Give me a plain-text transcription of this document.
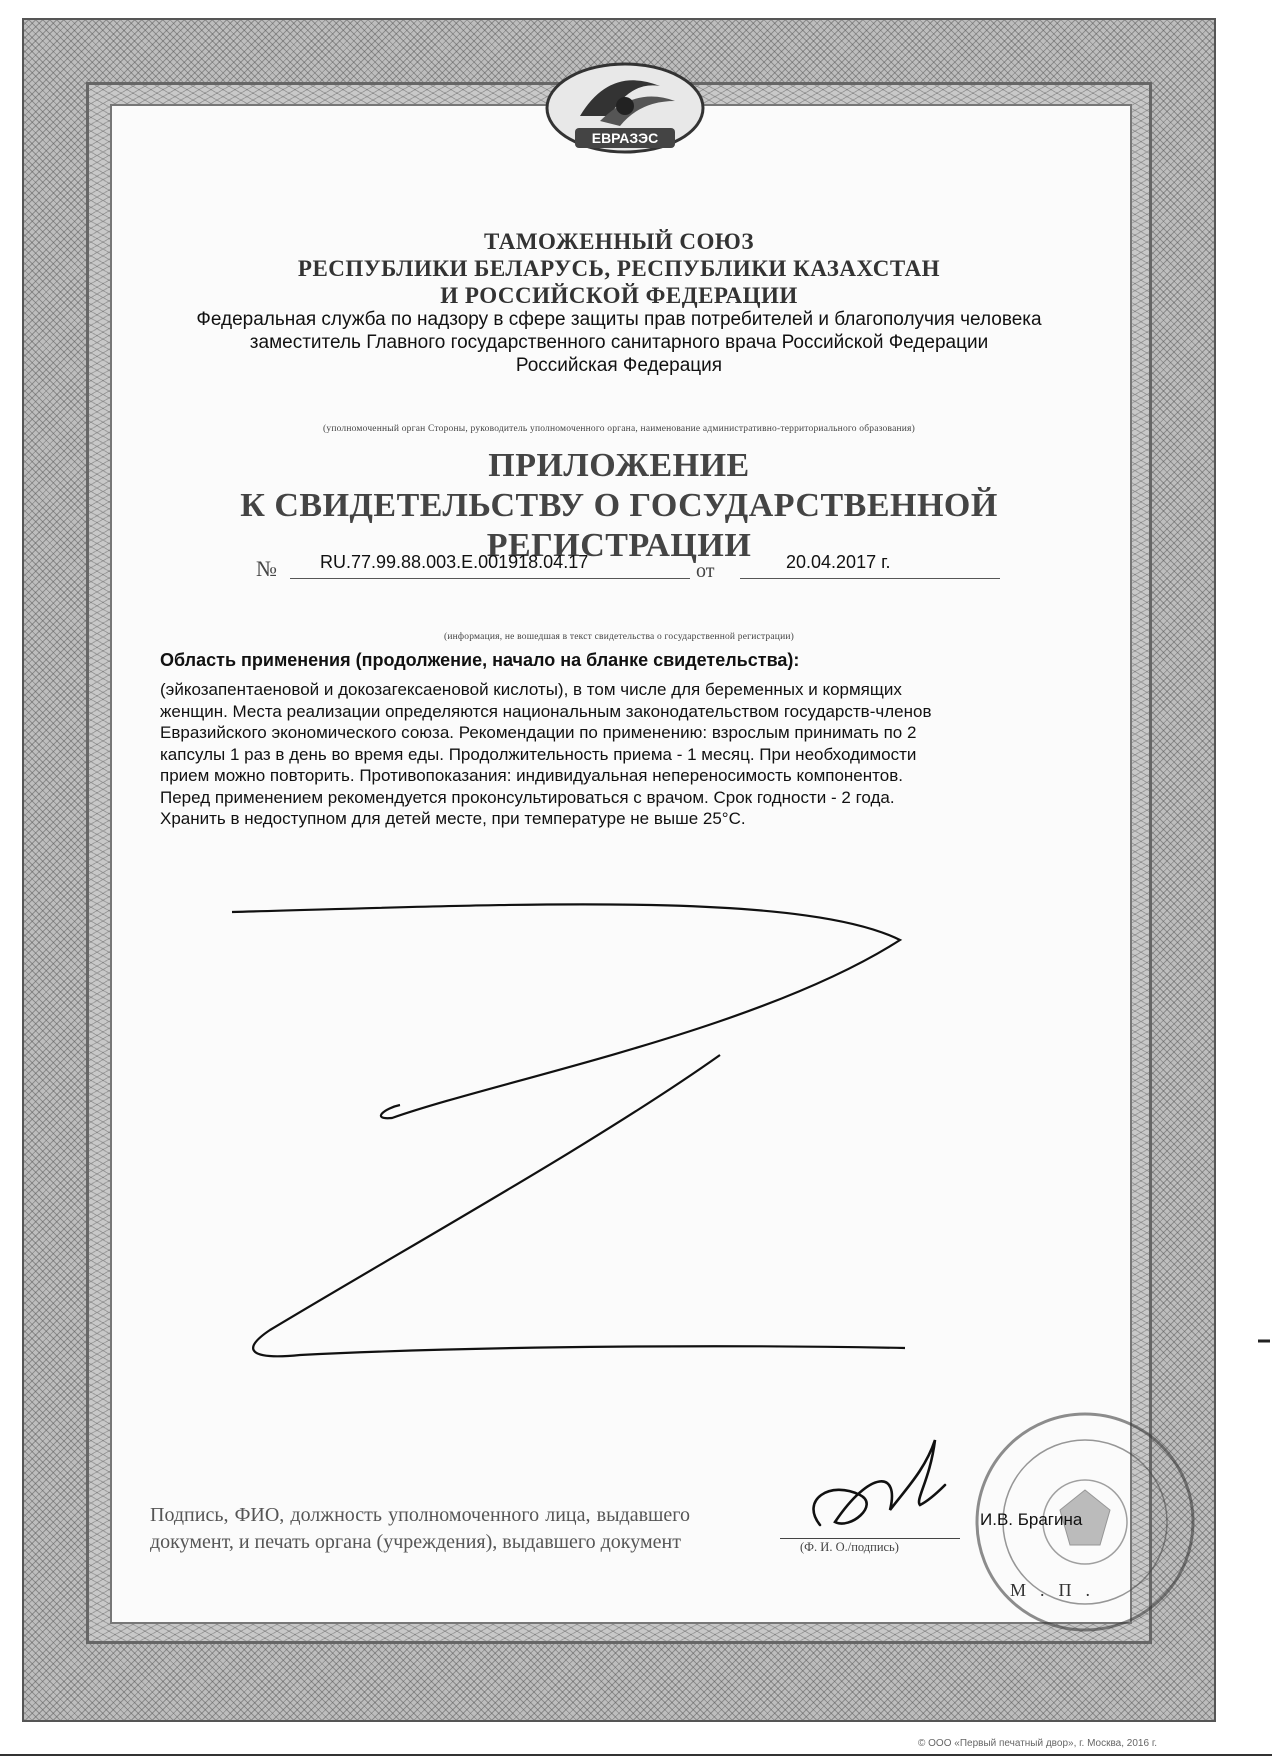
ЕВРАЗЭС
ТАМОЖЕННЫЙ СОЮЗ
РЕСПУБЛИКИ БЕЛАРУСЬ, РЕСПУБЛИКИ КАЗАХСТАН
И РОССИЙСКОЙ ФЕДЕРАЦИИ
Федеральная служба по надзору в сфере защиты прав потребителей и благополучия человека
заместитель Главного государственного санитарного врача Российской Федерации
Российская Федерация
(уполномоченный орган Стороны, руководитель уполномоченного органа, наименование административно-территориального образования)
ПРИЛОЖЕНИЕ
К СВИДЕТЕЛЬСТВУ О ГОСУДАРСТВЕННОЙ РЕГИСТРАЦИИ
№ RU.77.99.88.003.E.001918.04.17	от	20.04.2017 г.
(информация, не вошедшая в текст свидетельства о государственной регистрации)

Область применения (продолжение, начало на бланке свидетельства):

(эйкозапентаеновой и докозагексаеновой кислоты), в том числе для беременных и кормящих
женщин. Места реализации определяются национальным законодательством государств-членов
Евразийского экономического союза. Рекомендации по применению: взрослым принимать по 2
капсулы 1 раз в день во время еды. Продолжительность приема - 1 месяц. При необходимости
прием можно повторить. Противопоказания: индивидуальная непереносимость компонентов.
Перед применением рекомендуется проконсультироваться с врачом. Срок годности - 2 года.
Хранить в недоступном для детей месте, при температуре не выше 25°С.
Подпись, ФИО, должность уполномоченного лица, выдавшего документ, и печать органа (учреждения), выдавшего документ	(Ф. И. О./подпись)
И.В. Брагина
М.П.
© ООО «Первый печатный двор», г. Москва, 2016 г.
